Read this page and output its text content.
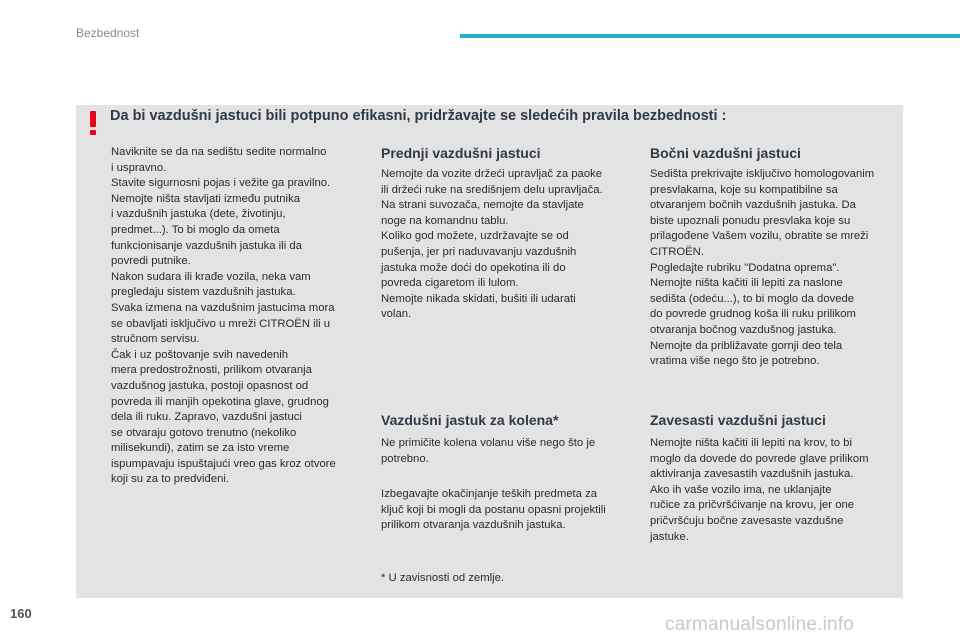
Bezbednost
Da bi vazdušni jastuci bili potpuno efikasni, pridržavajte se sledećih pravila bezbednosti :

Naviknite se da na sedištu sedite normalno

i uspravno.

Stavite sigurnosni pojas i vežite ga pravilno.

Nemojte ništa stavljati između putnika

i vazdušnih jastuka (dete, životinju,

predmet...). To bi moglo da ometa

funkcionisanje vazdušnih jastuka ili da

povredi putnike.

Nakon sudara ili krađe vozila, neka vam

pregledaju sistem vazdušnih jastuka.

Svaka izmena na vazdušnim jastucima mora

se obavljati isključivo u mreži CITROËN ili u

stručnom servisu.

Čak i uz poštovanje svih navedenih

mera predostrožnosti, prilikom otvaranja

vazdušnog jastuka, postoji opasnost od

povreda ili manjih opekotina glave, grudnog

dela ili ruku. Zapravo, vazdušni jastuci

se otvaraju gotovo trenutno (nekoliko

milisekundi), zatim se za isto vreme

ispumpavaju ispuštajući vreo gas kroz otvore

koji su za to predviđeni.

Prednji vazdušni jastuci

Nemojte da vozite držeći upravljač za paoke

ili držeći ruke na središnjem delu upravljača.

Na strani suvozača, nemojte da stavljate

noge na komandnu tablu.

Koliko god možete, uzdržavajte se od

pušenja, jer pri naduvavanju vazdušnih

jastuka može doći do opekotina ili do

povreda cigaretom ili lulom.

Nemojte nikada skidati, bušiti ili udarati

volan.

Bočni vazdušni jastuci

Sedišta prekrivajte isključivo homologovanim

presvlakama, koje su kompatibilne sa

otvaranjem bočnih vazdušnih jastuka. Da

biste upoznali ponudu presvlaka koje su

prilagođene Vašem vozilu, obratite se mreži

CITROËN.

Pogledajte rubriku "Dodatna oprema".

Nemojte ništa kačiti ili lepiti za naslone

sedišta (odeću...), to bi moglo da dovede

do povrede grudnog koša ili ruku prilikom

otvaranja bočnog vazdušnog jastuka.

Nemojte da približavate gornji deo tela

vratima više nego što je potrebno.

Vazdušni jastuk za kolena*

Ne primičite kolena volanu više nego što je

potrebno.

Izbegavajte okačinjanje teških predmeta za

ključ koji bi mogli da postanu opasni projektili

prilikom otvaranja vazdušnih jastuka.

* U zavisnosti od zemlje.
Zavesasti vazdušni jastuci

Nemojte ništa kačiti ili lepiti na krov, to bi

moglo da dovede do povrede glave prilikom

aktiviranja zavesastih vazdušnih jastuka.

Ako ih vaše vozilo ima, ne uklanjajte

ručice za pričvršćivanje na krovu, jer one

pričvršćuju bočne zavesaste vazdušne

jastuke.

160
carmanualsonline.info
